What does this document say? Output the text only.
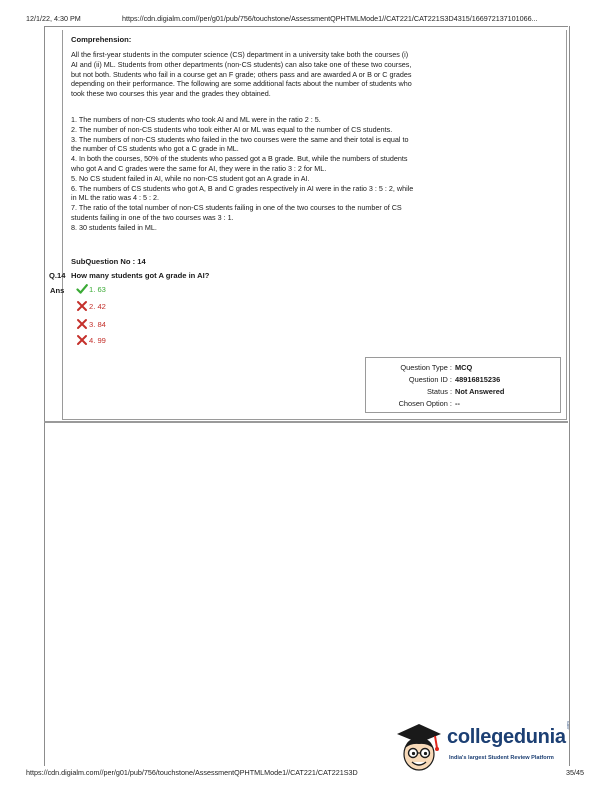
12/1/22, 4:30 PM	https://cdn.digialm.com//per/g01/pub/756/touchstone/AssessmentQPHTMLMode1//CAT221/CAT221S3D4315/166972137101066...
Comprehension:

All the first-year students in the computer science (CS) department in a university take both the courses (i) AI and (ii) ML. Students from other departments (non-CS students) can also take one of these two courses, but not both. Students who fail in a course get an F grade; others pass and are awarded A or B or C grades depending on their performance. The following are some additional facts about the number of students who took these two courses this year and the grades they obtained.

1. The numbers of non-CS students who took AI and ML were in the ratio 2 : 5.
2. The number of non-CS students who took either AI or ML was equal to the number of CS students.
3. The numbers of non-CS students who failed in the two courses were the same and their total is equal to the number of CS students who got a C grade in ML.
4. In both the courses, 50% of the students who passed got a B grade. But, while the numbers of students who got A and C grades were the same for AI, they were in the ratio 3 : 2 for ML.
5. No CS student failed in AI, while no non-CS student got an A grade in AI.
6. The numbers of CS students who got A, B and C grades respectively in AI were in the ratio 3 : 5 : 2, while in ML the ratio was 4 : 5 : 2.
7. The ratio of the total number of non-CS students failing in one of the two courses to the number of CS students failing in one of the two courses was 3 : 1.
8. 30 students failed in ML.
SubQuestion No : 14
Q.14 How many students got A grade in AI?
Ans	1. 63
2. 42
3. 84
4. 99
Question Type : MCQ
Question ID : 48916815236
Status : Not Answered
Chosen Option : --
collegedunia
India's largest Student Review Platform
.com
https://cdn.digialm.com//per/g01/pub/756/touchstone/AssessmentQPHTMLMode1//CAT221/CAT221S3D	35/45
